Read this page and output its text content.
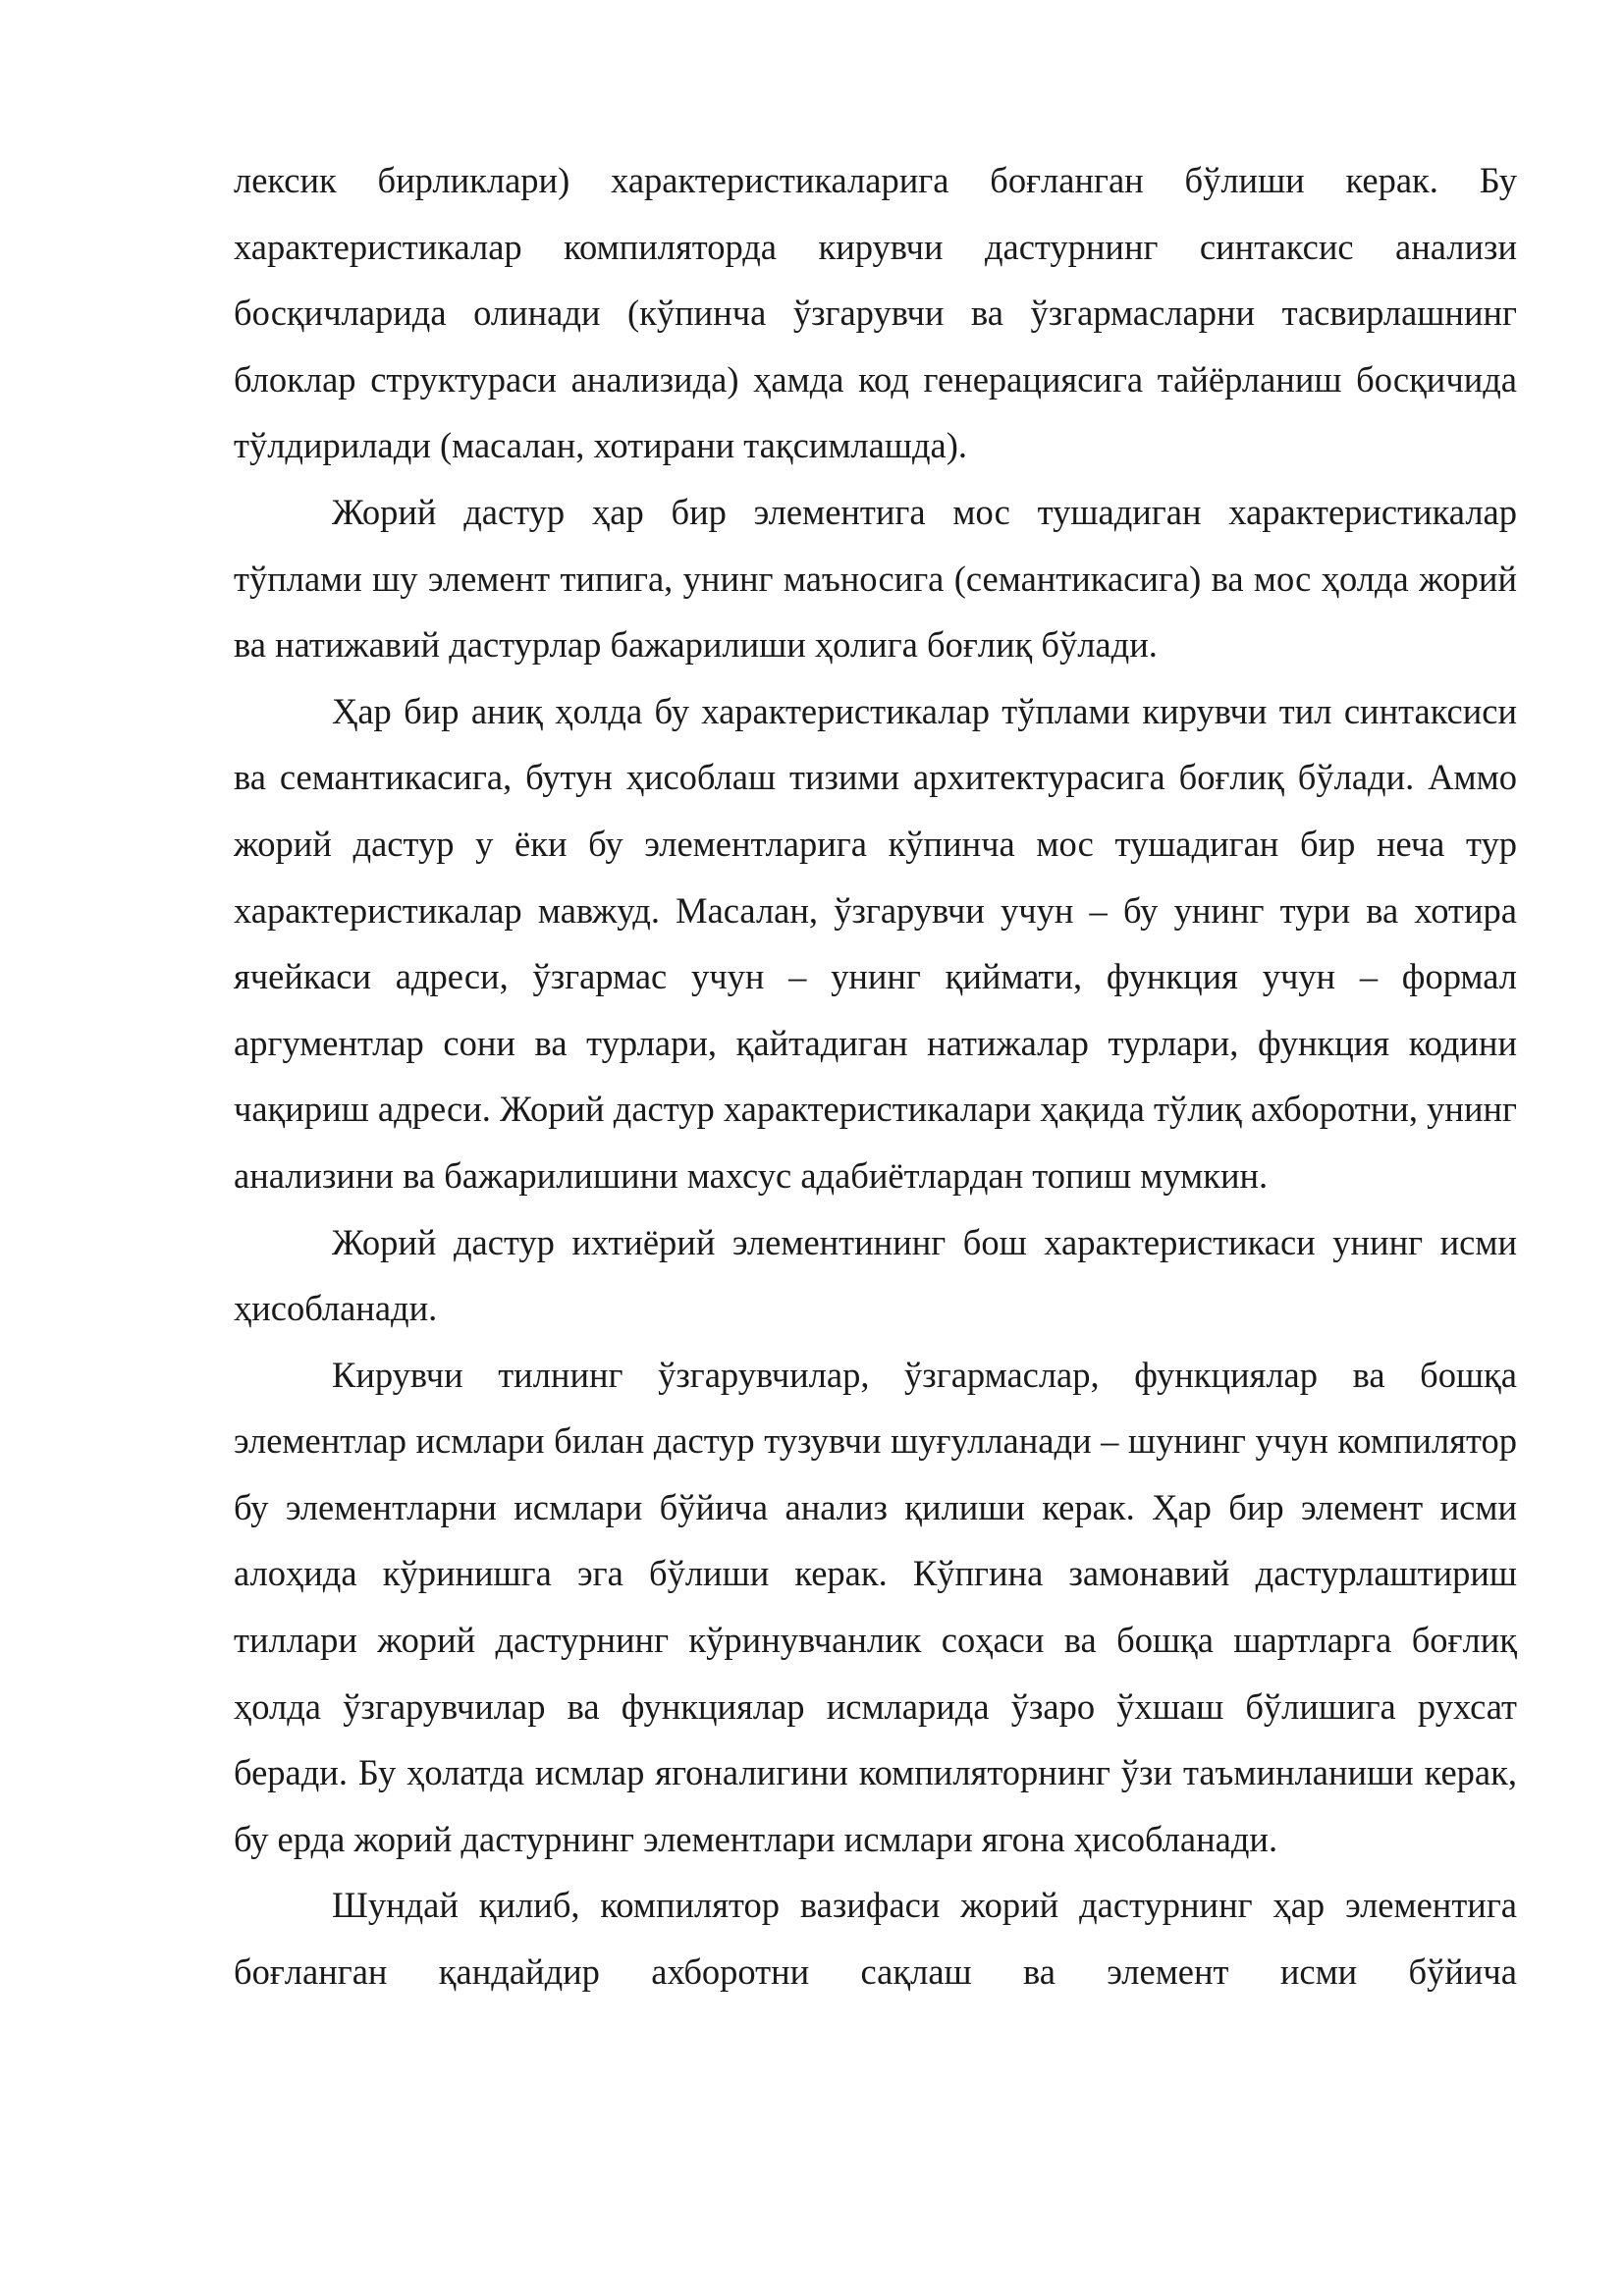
лексик бирликлари) характеристикаларига боғланган бўлиши керак. Бу характеристикалар компиляторда кирувчи дастурнинг синтаксис анализи босқичларида олинади (кўпинча ўзгарувчи ва ўзгармасларни тасвирлашнинг блоклар структураси анализида) ҳамда код генерациясига тайёрланиш босқичида тўлдирилади (масалан, хотирани тақсимлашда).

Жорий дастур ҳар бир элементига мос тушадиган характеристикалар тўплами шу элемент типига, унинг маъносига (семантикасига) ва мос ҳолда жорий ва натижавий дастурлар бажарилиши ҳолига боғлиқ бўлади.

Ҳар бир аниқ ҳолда бу характеристикалар тўплами кирувчи тил синтаксиси ва семантикасига, бутун ҳисоблаш тизими архитектурасига боғлиқ бўлади. Аммо жорий дастур у ёки бу элементларига кўпинча мос тушадиган бир неча тур характеристикалар мавжуд. Масалан, ўзгарувчи учун – бу унинг тури ва хотира ячейкаси адреси, ўзгармас учун – унинг қиймати, функция учун – формал аргументлар сони ва турлари, қайтадиган натижалар турлари, функция кодини чақириш адреси. Жорий дастур характеристикалари ҳақида тўлиқ ахборотни, унинг анализини ва бажарилишини махсус адабиётлардан топиш мумкин.

Жорий дастур ихтиёрий элементининг бош характеристикаси унинг исми ҳисобланади.

Кирувчи тилнинг ўзгарувчилар, ўзгармаслар, функциялар ва бошқа элементлар исмлари билан дастур тузувчи шуғулланади – шунинг учун компилятор бу элементларни исмлари бўйича анализ қилиши керак. Ҳар бир элемент исми алоҳида кўринишга эга бўлиши керак. Кўпгина замонавий дастурлаштириш тиллари жорий дастурнинг кўринувчанлик соҳаси ва бошқа шартларга боғлиқ ҳолда ўзгарувчилар ва функциялар исмларида ўзаро ўхшаш бўлишига рухсат беради. Бу ҳолатда исмлар ягоналигини компиляторнинг ўзи таъминланиши керак, бу ерда жорий дастурнинг элементлари исмлари ягона ҳисобланади.

Шундай қилиб, компилятор вазифаси жорий дастурнинг ҳар элементига боғланган қандайдир ахборотни сақлаш ва элемент исми бўйича
